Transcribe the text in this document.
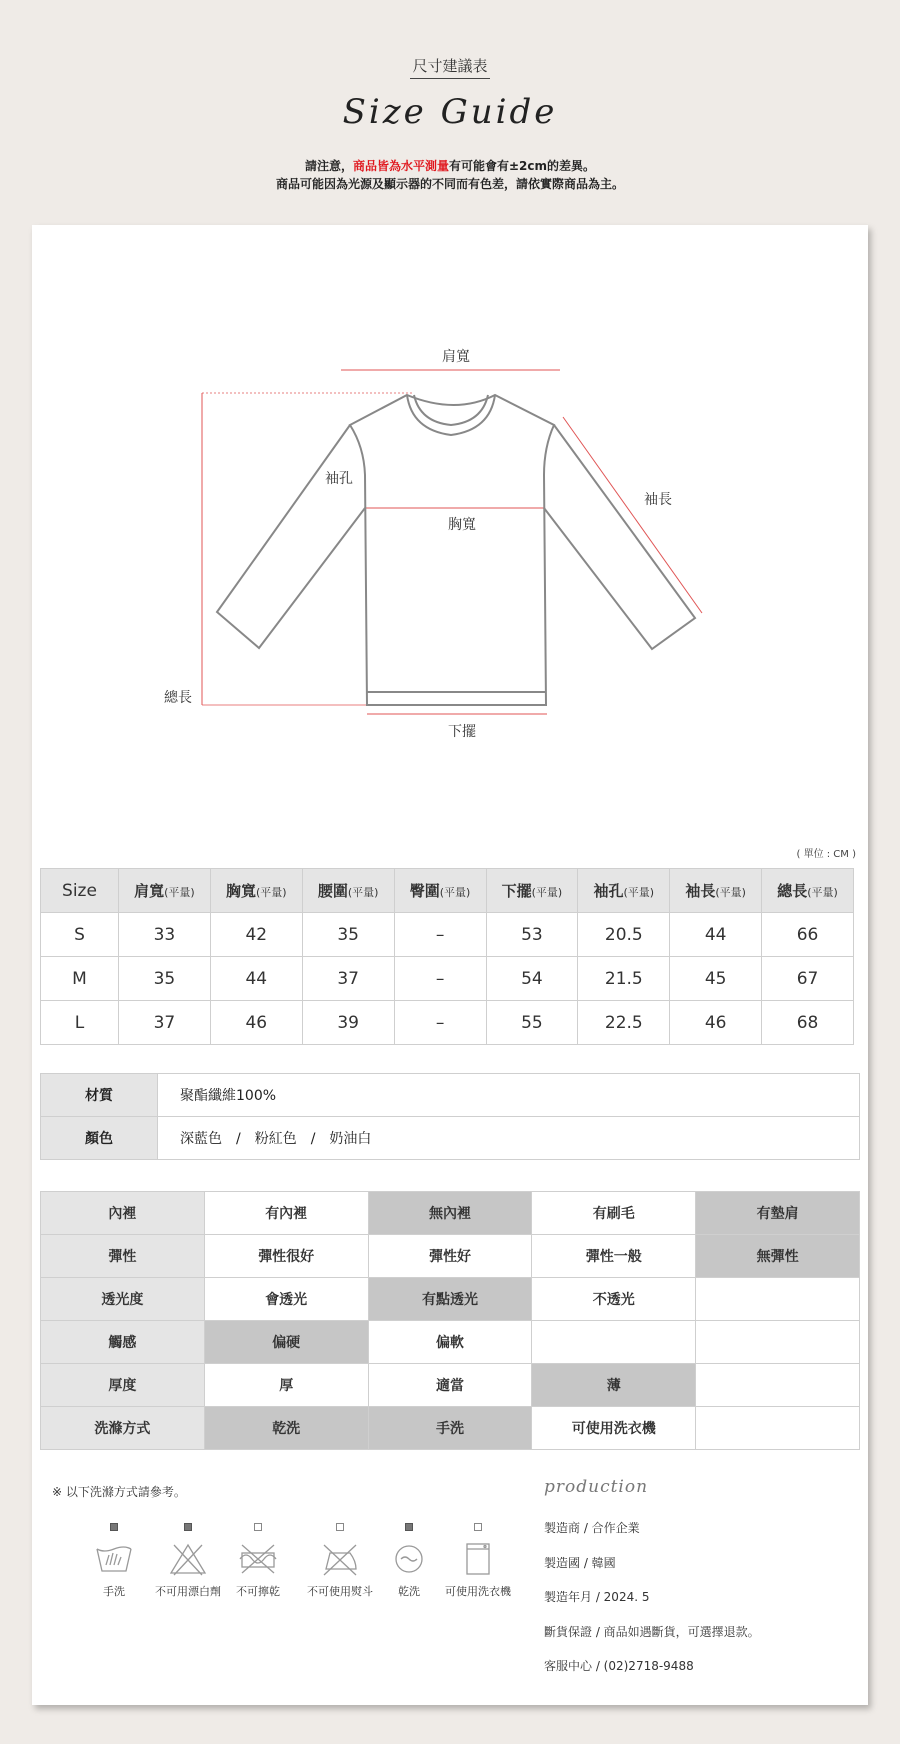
尺寸建議表
Size Guide
請注意，商品皆為水平測量有可能會有±2cm的差異。
商品可能因為光源及顯示器的不同而有色差，請依實際商品為主。
肩寬
袖孔
胸寬
袖長
總長
下擺
( 單位 : CM )
Size	肩寬(平量)	胸寬(平量)	腰圍(平量)	臀圍(平量)	下擺(平量)	袖孔(平量)	袖長(平量)	總長(平量)
S	33	42	35	–	53	20.5	44	66
M	35	44	37	–	54	21.5	45	67
L	37	46	39	–	55	22.5	46	68
材質	聚酯纖維100%
顏色	深藍色　/　粉紅色　/　奶油白
內裡	有內裡	無內裡	有刷毛	有墊肩
彈性	彈性很好	彈性好	彈性一般	無彈性
透光度	會透光	有點透光	不透光	
觸感	偏硬	偏軟		
厚度	厚	適當	薄	
洗滌方式	乾洗	手洗	可使用洗衣機	
※ 以下洗滌方式請參考。
手洗	不可用漂白劑	不可擰乾	不可使用熨斗	乾洗	可使用洗衣機
production
製造商 / 合作企業
製造國 / 韓國
製造年月 / 2024. 5
斷貨保證 / 商品如遇斷貨，可選擇退款。
客服中心 / (02)2718-9488
